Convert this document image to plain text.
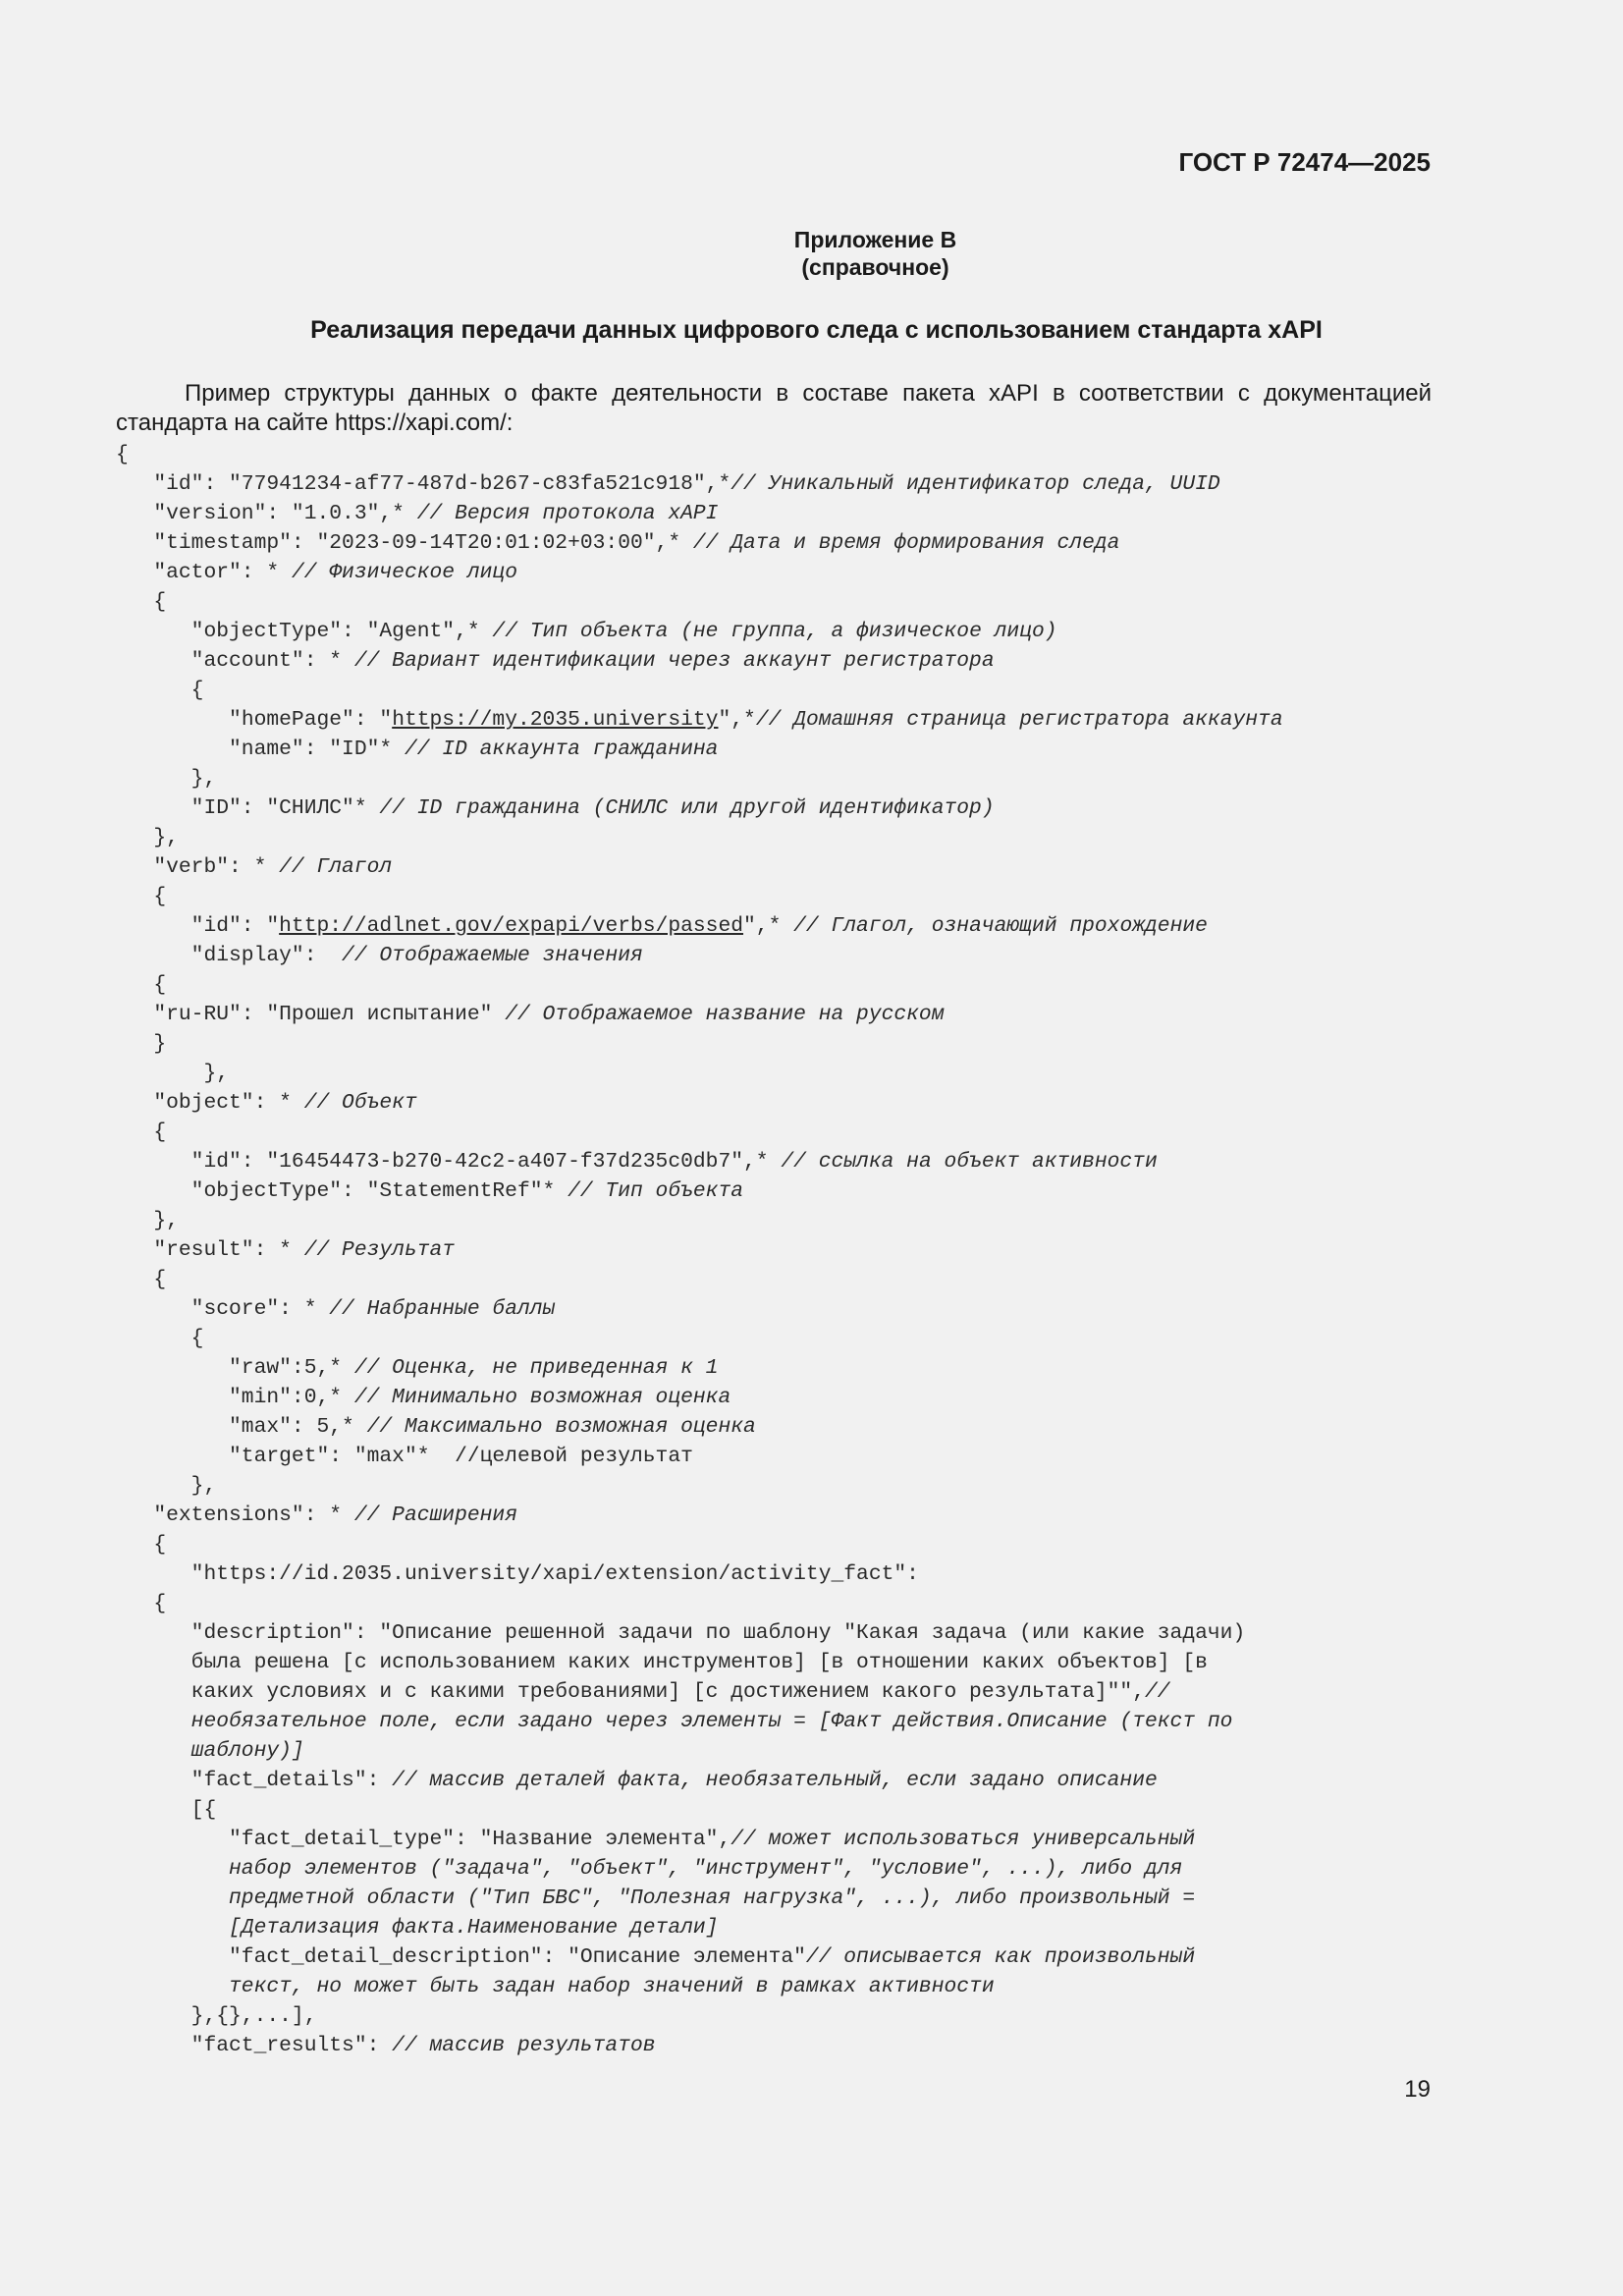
ГОСТ Р 72474—2025
Приложение В
(справочное)
Реализация передачи данных цифрового следа с использованием стандарта xAPI
Пример структуры данных о факте деятельности в составе пакета xAPI в соответствии с документацией стандарта на сайте https://xapi.com/:
{
"id": "77941234-af77-487d-b267-c83fa521c918",*// Уникальный идентификатор следа, UUID
"version": "1.0.3",* // Версия протокола xAPI
"timestamp": "2023-09-14T20:01:02+03:00",* // Дата и время формирования следа
"actor": * // Физическое лицо
{
"objectType": "Agent",* // Тип объекта (не группа, а физическое лицо)
"account": * // Вариант идентификации через аккаунт регистратора
{
"homePage": "https://my.2035.university",*// Домашняя страница регистратора аккаунта
"name": "ID"* // ID аккаунта гражданина
},
"ID": "СНИЛС"* // ID гражданина (СНИЛС или другой идентификатор)
},
"verb": * // Глагол
{
"id": "http://adlnet.gov/expapi/verbs/passed",* // Глагол, означающий прохождение
"display":  // Отображаемые значения
{
"ru-RU": "Прошел испытание" // Отображаемое название на русском
}
},
"object": * // Объект
{
"id": "16454473-b270-42c2-a407-f37d235c0db7",* // ссылка на объект активности
"objectType": "StatementRef"* // Тип объекта
},
"result": * // Результат
{
"score": * // Набранные баллы
{
"raw":5,* // Оценка, не приведенная к 1
"min":0,* // Минимально возможная оценка
"max": 5,* // Максимально возможная оценка
"target": "max"*  //целевой результат
},
"extensions": * // Расширения
{
"https://id.2035.university/xapi/extension/activity_fact":
{
"description": "Описание решенной задачи по шаблону "Какая задача (или какие задачи)
была решена [с использованием каких инструментов] [в отношении каких объектов] [в
каких условиях и с какими требованиями] [с достижением какого результата]"",//
необязательное поле, если задано через элементы = [Факт действия.Описание (текст по
шаблону)]
"fact_details": // массив деталей факта, необязательный, если задано описание
[{
"fact_detail_type": "Название элемента",// может использоваться универсальный
набор элементов ("задача", "объект", "инструмент", "условие", ...), либо для
предметной области ("Тип БВС", "Полезная нагрузка", ...), либо произвольный =
[Детализация факта.Наименование детали]
"fact_detail_description": "Описание элемента"// описывается как произвольный
текст, но может быть задан набор значений в рамках активности
},{},...],
"fact_results": // массив результатов
19
